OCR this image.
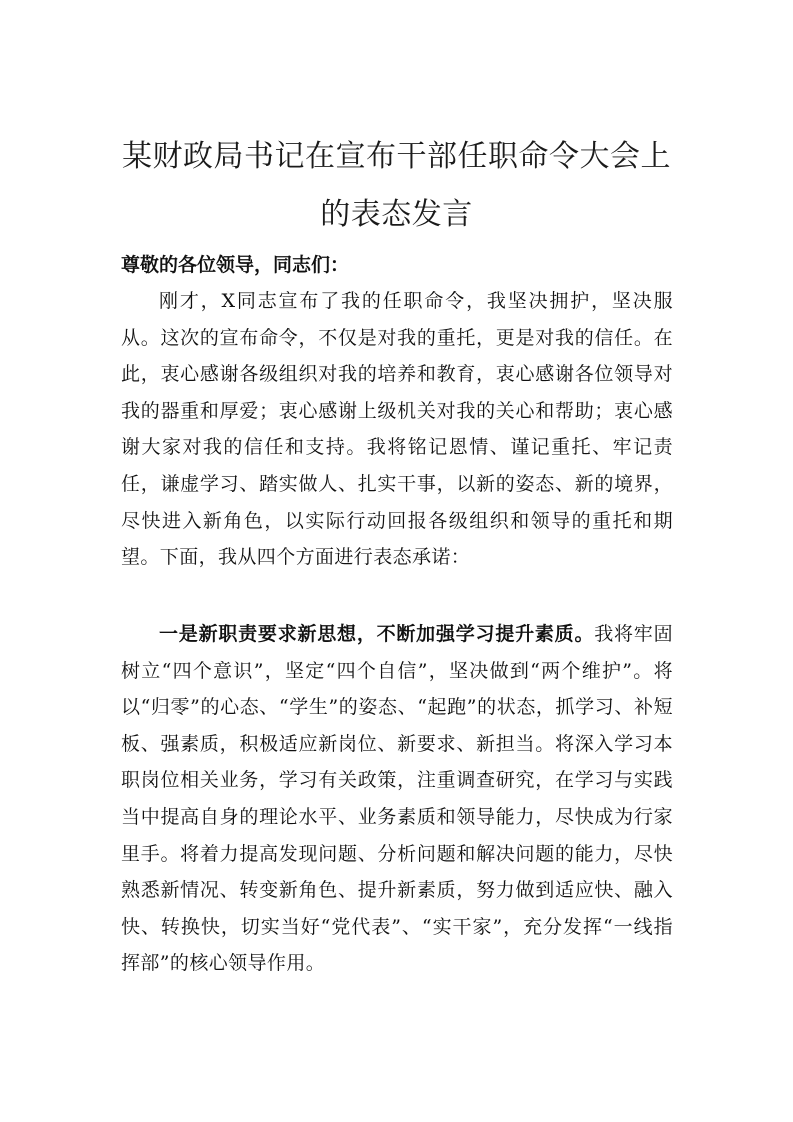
某财政局书记在宣布干部任职命令大会上
的表态发言

尊敬的各位领导，同志们：

刚才，X同志宣布了我的任职命令，我坚决拥护，坚决服从。这次的宣布命令，不仅是对我的重托，更是对我的信任。在此，衷心感谢各级组织对我的培养和教育，衷心感谢各位领导对我的器重和厚爱；衷心感谢上级机关对我的关心和帮助；衷心感谢大家对我的信任和支持。我将铭记恩情、谨记重托、牢记责任，谦虚学习、踏实做人、扎实干事，以新的姿态、新的境界，尽快进入新角色，以实际行动回报各级组织和领导的重托和期望。下面，我从四个方面进行表态承诺：

一是新职责要求新思想，不断加强学习提升素质。我将牢固树立“四个意识”，坚定“四个自信”，坚决做到“两个维护”。将以“归零”的心态、“学生”的姿态、“起跑”的状态，抓学习、补短板、强素质，积极适应新岗位、新要求、新担当。将深入学习本职岗位相关业务，学习有关政策，注重调查研究，在学习与实践当中提高自身的理论水平、业务素质和领导能力，尽快成为行家里手。将着力提高发现问题、分析问题和解决问题的能力，尽快熟悉新情况、转变新角色、提升新素质，努力做到适应快、融入快、转换快，切实当好“党代表”、“实干家”，充分发挥“一线指挥部”的核心领导作用。
